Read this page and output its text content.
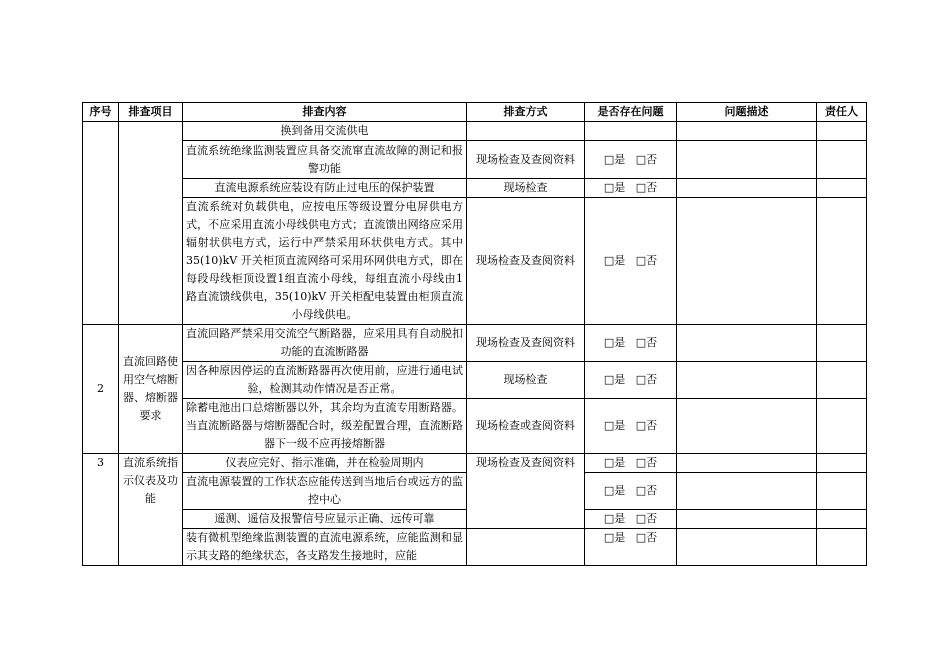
序号	排查项目	排查内容	排查方式	是否存在问题	问题描述	责任人
		换到备用交流供电				
		直流系统绝缘监测装置应具备交流窜直流故障的测记和报警功能	现场检查及查阅资料	□是 □否		
		直流电源系统应装设有防止过电压的保护装置	现场检查	□是 □否		
		直流系统对负载供电，应按电压等级设置分电屏供电方式，不应采用直流小母线供电方式；直流馈出网络应采用辐射状供电方式，运行中严禁采用环状供电方式。其中35(10)kV 开关柜顶直流网络可采用环网供电方式，即在每段母线柜顶设置1组直流小母线，每组直流小母线由1路直流馈线供电，35(10)kV 开关柜配电装置由柜顶直流小母线供电。	现场检查及查阅资料	□是 □否		
2	直流回路使用空气熔断器、熔断器要求	直流回路严禁采用交流空气断路器，应采用具有自动脱扣功能的直流断路器	现场检查及查阅资料	□是 □否		
		因各种原因停运的直流断路器再次使用前，应进行通电试验，检测其动作情况是否正常。	现场检查	□是 □否		
		除蓄电池出口总熔断器以外，其余均为直流专用断路器。当直流断路器与熔断器配合时，级差配置合理，直流断路器下一级不应再接熔断器	现场检查或查阅资料	□是 □否		
3	直流系统指示仪表及功能	仪表应完好、指示准确，并在检验周期内	现场检查及查阅资料	□是 □否		
		直流电源装置的工作状态应能传送到当地后台或远方的监控中心		□是 □否		
		遥测、遥信及报警信号应显示正确、远传可靠		□是 □否		
		装有微机型绝缘监测装置的直流电源系统，应能监测和显示其支路的绝缘状态，各支路发生接地时，应能		□是 □否		
